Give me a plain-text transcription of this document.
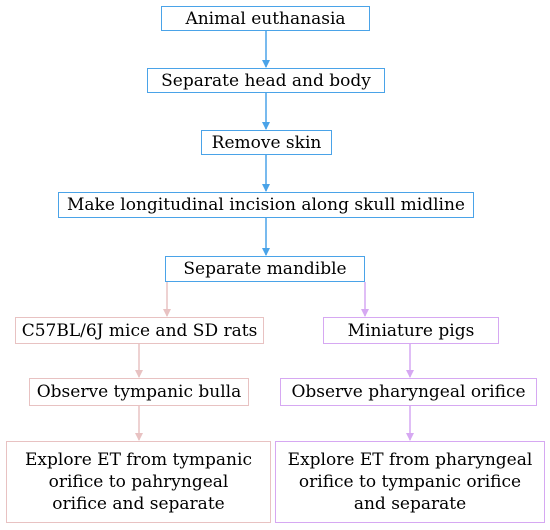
Animal euthanasia
Separate head and body
Remove skin
Make longitudinal incision along skull midline
Separate mandible
C57BL/6J mice and SD rats	Miniature pigs
Observe tympanic bulla	Observe pharyngeal orifice
Explore ET from tympanic
orifice to pahryngeal
orifice and separate
Explore ET from pharyngeal
orifice to tympanic orifice
and separate
